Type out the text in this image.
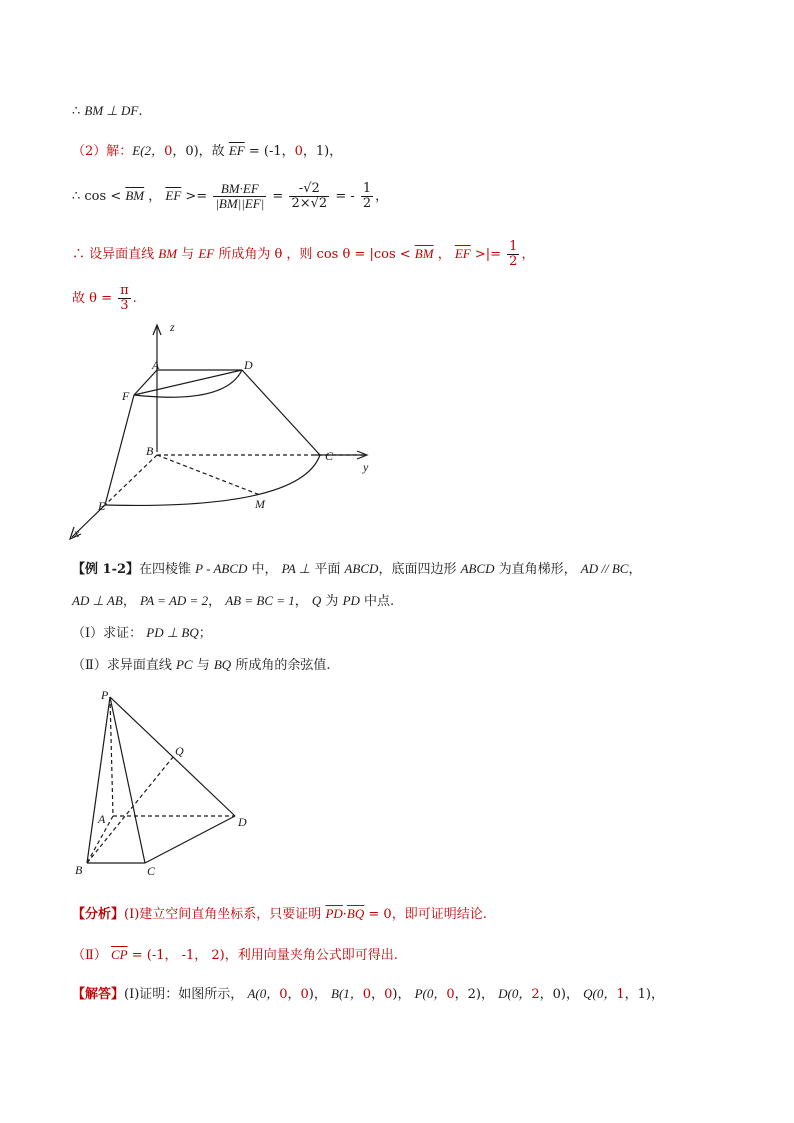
∴ BM ⊥ DF.
（2）解：E(2，0，0)，故 $\overline{EF} = (-1$，0，1)，
∴ $\cos < \overline{BM}$ ， $\overline{EF} >= \frac{BM\cdot EF}{|BM||EF|} = \frac{-√2}{2\times√2}$ = - $\frac{1}{2}$ ，
∴ 设异面直线 BM 与 EF 所成角为 θ ，则 $\cos \theta = |\cos < \overline{BM}$ ， $\overline{EF}$ >|= $\frac{1}{2}$ ，
故 $\theta = \frac{\pi}{3}$ .
z
y
x
A	D
F
B	C
E	M
【例 1-2】在四棱锥 P - ABCD 中， PA ⊥ 平面 ABCD，底面四边形 ABCD 为直角梯形， AD // BC，
AD ⊥ AB， PA = AD = 2， AB = BC = 1， Q 为 PD 中点.
（Ⅰ）求证： PD ⊥ BQ；
（Ⅱ）求异面直线 PC 与 BQ 所成角的余弦值.
P
Q
A	D
B	C
【分析】(Ⅰ)建立空间直角坐标系，只要证明 $\overline{PD}\cdot\overline{BQ} = 0$，即可证明结论.
（Ⅱ） $\overline{CP} = (-1$， -1， 2)，利用向量夹角公式即可得出.
【解答】(Ⅰ)证明：如图所示， A(0，0，0)， B(1，0，0)， P(0，0，2)， D(0，2，0)， Q(0，1，1)，
